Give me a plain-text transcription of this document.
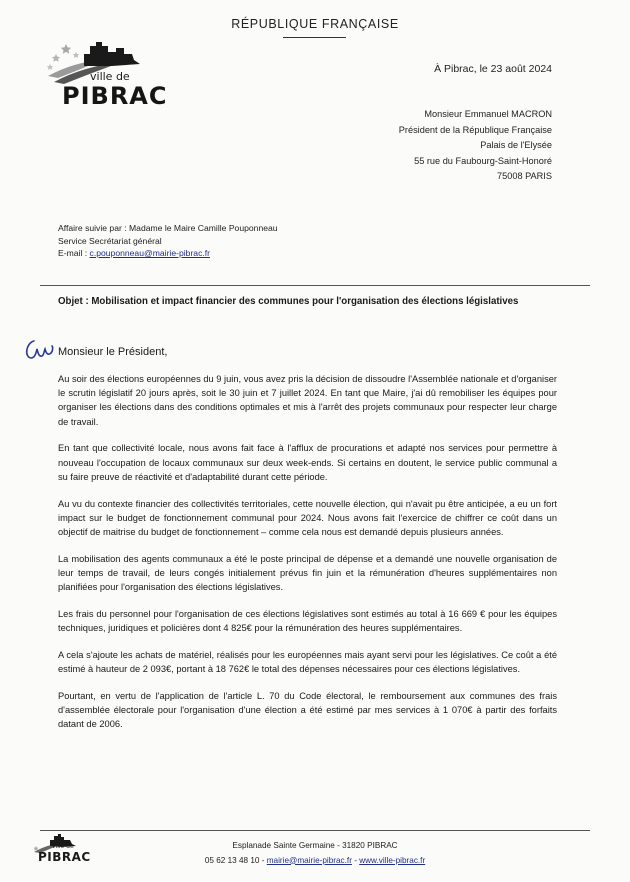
RÉPUBLIQUE FRANÇAISE
ville de
PIBRAC
À Pibrac, le 23 août 2024
Monsieur Emmanuel MACRON
Président de la République Française
Palais de l'Elysée
55 rue du Faubourg-Saint-Honoré
75008 PARIS
Affaire suivie par : Madame le Maire Camille Pouponneau
Service Secrétariat général
E-mail : c.pouponneau@mairie-pibrac.fr
Objet : Mobilisation et impact financier des communes pour l'organisation des élections législatives
Monsieur le Président,

Au soir des élections européennes du 9 juin, vous avez pris la décision de dissoudre l'Assemblée nationale et d'organiser le scrutin législatif 20 jours après, soit le 30 juin et 7 juillet 2024. En tant que Maire, j'ai dû remobiliser les équipes pour organiser les élections dans des conditions optimales et mis à l'arrêt des projets communaux pour respecter leur charge de travail.

En tant que collectivité locale, nous avons fait face à l'afflux de procurations et adapté nos services pour permettre à nouveau l'occupation de locaux communaux sur deux week-ends. Si certains en doutent, le service public communal a su faire preuve de réactivité et d'adaptabilité durant cette période.

Au vu du contexte financier des collectivités territoriales, cette nouvelle élection, qui n'avait pu être anticipée, a eu un fort impact sur le budget de fonctionnement communal pour 2024. Nous avons fait l'exercice de chiffrer ce coût dans un objectif de maitrise du budget de fonctionnement – comme cela nous est demandé depuis plusieurs années.

La mobilisation des agents communaux a été le poste principal de dépense et a demandé une nouvelle organisation de leur temps de travail, de leurs congés initialement prévus fin juin et la rémunération d'heures supplémentaires non planifiées pour l'organisation des élections législatives.

Les frais du personnel pour l'organisation de ces élections législatives sont estimés au total à 16 669 € pour les équipes techniques, juridiques et policières dont 4 825€ pour la rémunération des heures supplémentaires.

A cela s'ajoute les achats de matériel, réalisés pour les européennes mais ayant servi pour les législatives. Ce coût a été estimé à hauteur de 2 093€, portant à 18 762€ le total des dépenses nécessaires pour ces élections législatives.

Pourtant, en vertu de l'application de l'article L. 70 du Code électoral, le remboursement aux communes des frais d'assemblée électorale pour l'organisation d'une élection a été estimé par mes services à 1 070€ à partir des forfaits datant de 2006.

ville de
PIBRAC
Esplanade Sainte Germaine - 31820 PIBRAC
05 62 13 48 10 - mairie@mairie-pibrac.fr - www.ville-pibrac.fr
